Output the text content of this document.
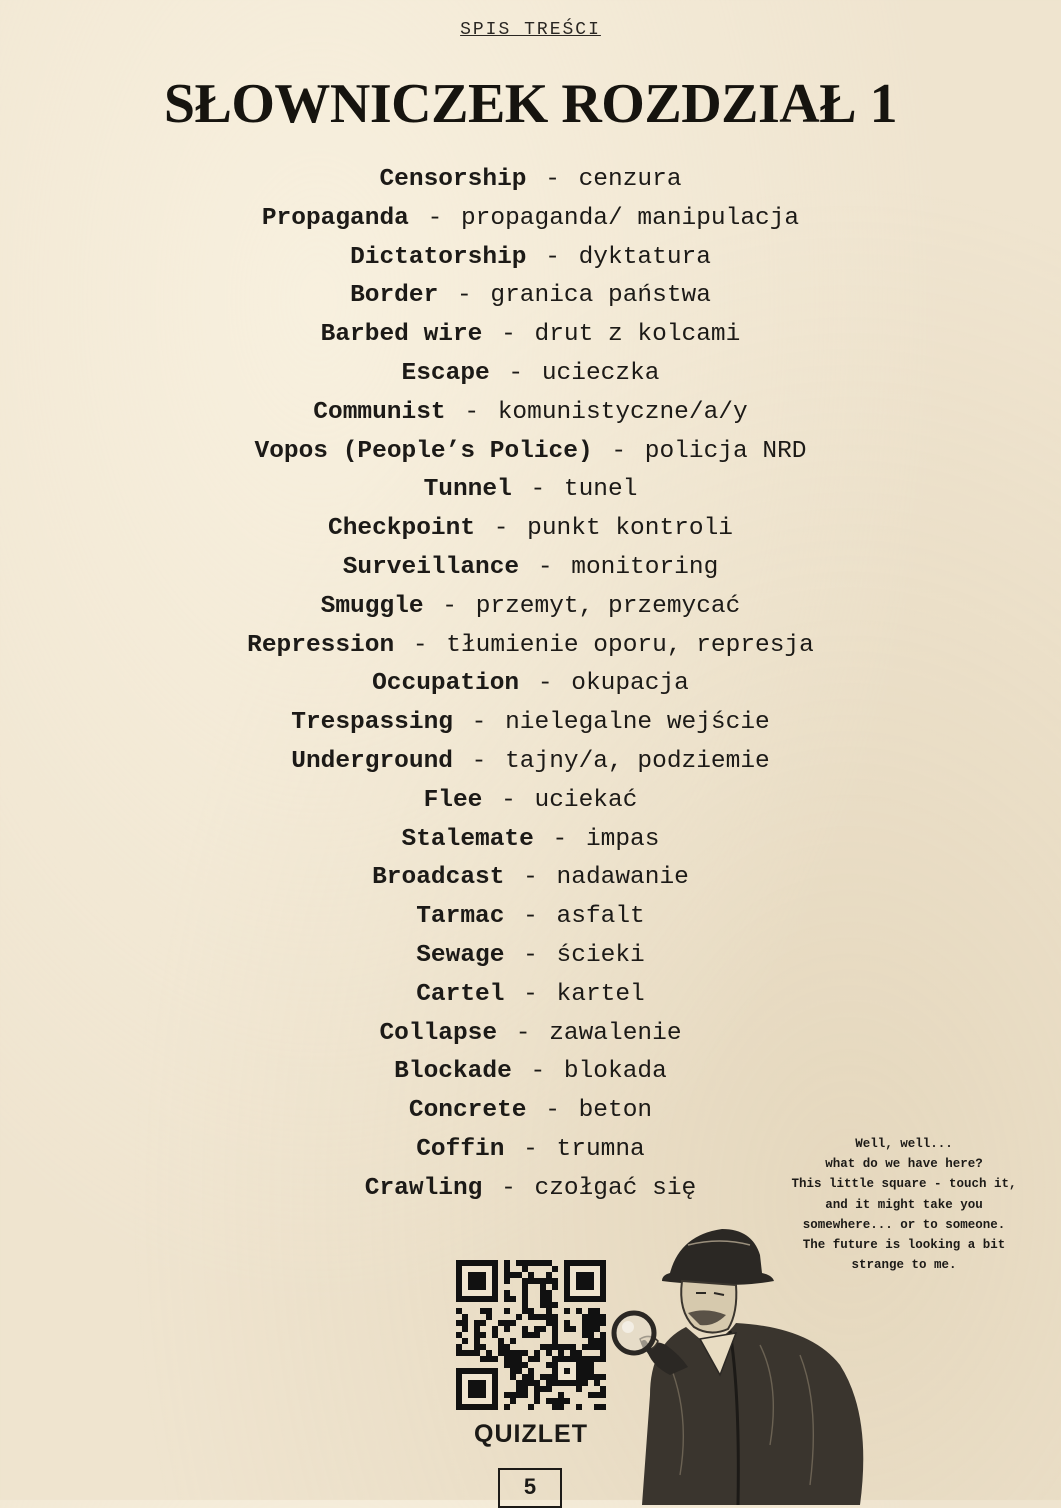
SPIS TREŚCI
SŁOWNICZEK ROZDZIAŁ 1
Censorship - cenzura
Propaganda - propaganda/ manipulacja
Dictatorship - dyktatura
Border - granica państwa
Barbed wire - drut z kolcami
Escape - ucieczka
Communist - komunistyczne/a/y
Vopos (People’s Police) - policja NRD
Tunnel - tunel
Checkpoint - punkt kontroli
Surveillance - monitoring
Smuggle - przemyt, przemycać
Repression - tłumienie oporu, represja
Occupation - okupacja
Trespassing - nielegalne wejście
Underground - tajny/a, podziemie
Flee - uciekać
Stalemate - impas
Broadcast - nadawanie
Tarmac - asfalt
Sewage - ścieki
Cartel - kartel
Collapse - zawalenie
Blockade - blokada
Concrete - beton
Coffin - trumna
Crawling - czołgać się
Well, well...
what do we have here?
This little square - touch it,
and it might take you
somewhere... or to someone.
The future is looking a bit
strange to me.
QUIZLET
5
